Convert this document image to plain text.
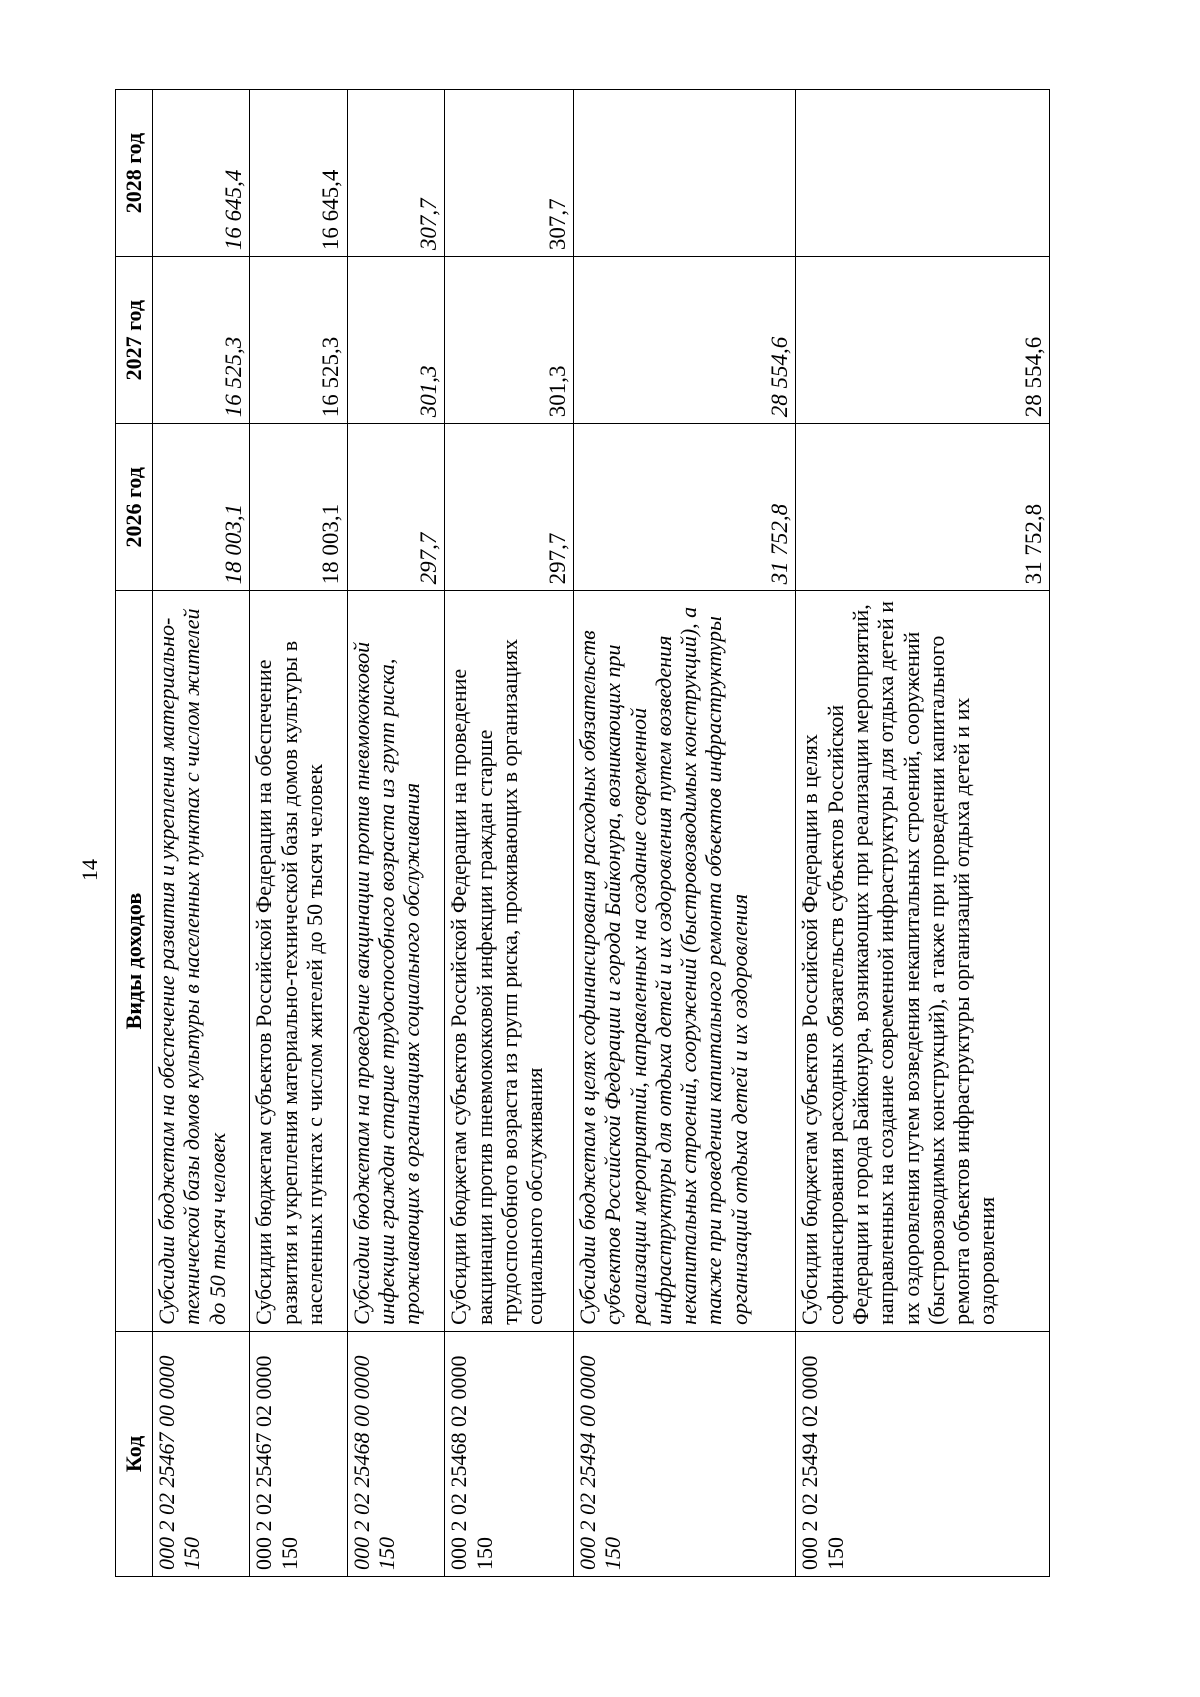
14
Код	Виды доходов	2026 год	2027 год	2028 год
000 2 02 25467 00 0000 150	Субсидии бюджетам на обеспечение развития и укрепления материально-технической базы домов культуры в населенных пунктах с числом жителей до 50 тысяч человек	18 003,1	16 525,3	16 645,4
000 2 02 25467 02 0000 150	Субсидии бюджетам субъектов Российской Федерации на обеспечение развития и укрепления материально-технической базы домов культуры в населенных пунктах с числом жителей до 50 тысяч человек	18 003,1	16 525,3	16 645,4
000 2 02 25468 00 0000 150	Субсидии бюджетам на проведение вакцинации против пневмококковой инфекции граждан старше трудоспособного возраста из групп риска, проживающих в организациях социального обслуживания	297,7	301,3	307,7
000 2 02 25468 02 0000 150	Субсидии бюджетам субъектов Российской Федерации на проведение вакцинации против пневмококковой инфекции граждан старше трудоспособного возраста из групп риска, проживающих в организациях социального обслуживания	297,7	301,3	307,7
000 2 02 25494 00 0000 150	Субсидии бюджетам в целях софинансирования расходных обязательств субъектов Российской Федерации и города Байконура, возникающих при реализации мероприятий, направленных на создание современной инфраструктуры для отдыха детей и их оздоровления путем возведения некапитальных строений, сооружений (быстровозводимых конструкций), а также при проведении капитального ремонта объектов инфраструктуры организаций отдыха детей и их оздоровления	31 752,8	28 554,6	
000 2 02 25494 02 0000 150	Субсидии бюджетам субъектов Российской Федерации в целях софинансирования расходных обязательств субъектов Российской Федерации и города Байконура, возникающих при реализации мероприятий, направленных на создание современной инфраструктуры для отдыха детей и их оздоровления путем возведения некапитальных строений, сооружений (быстровозводимых конструкций), а также при проведении капитального ремонта объектов инфраструктуры организаций отдыха детей и их оздоровления	31 752,8	28 554,6	
